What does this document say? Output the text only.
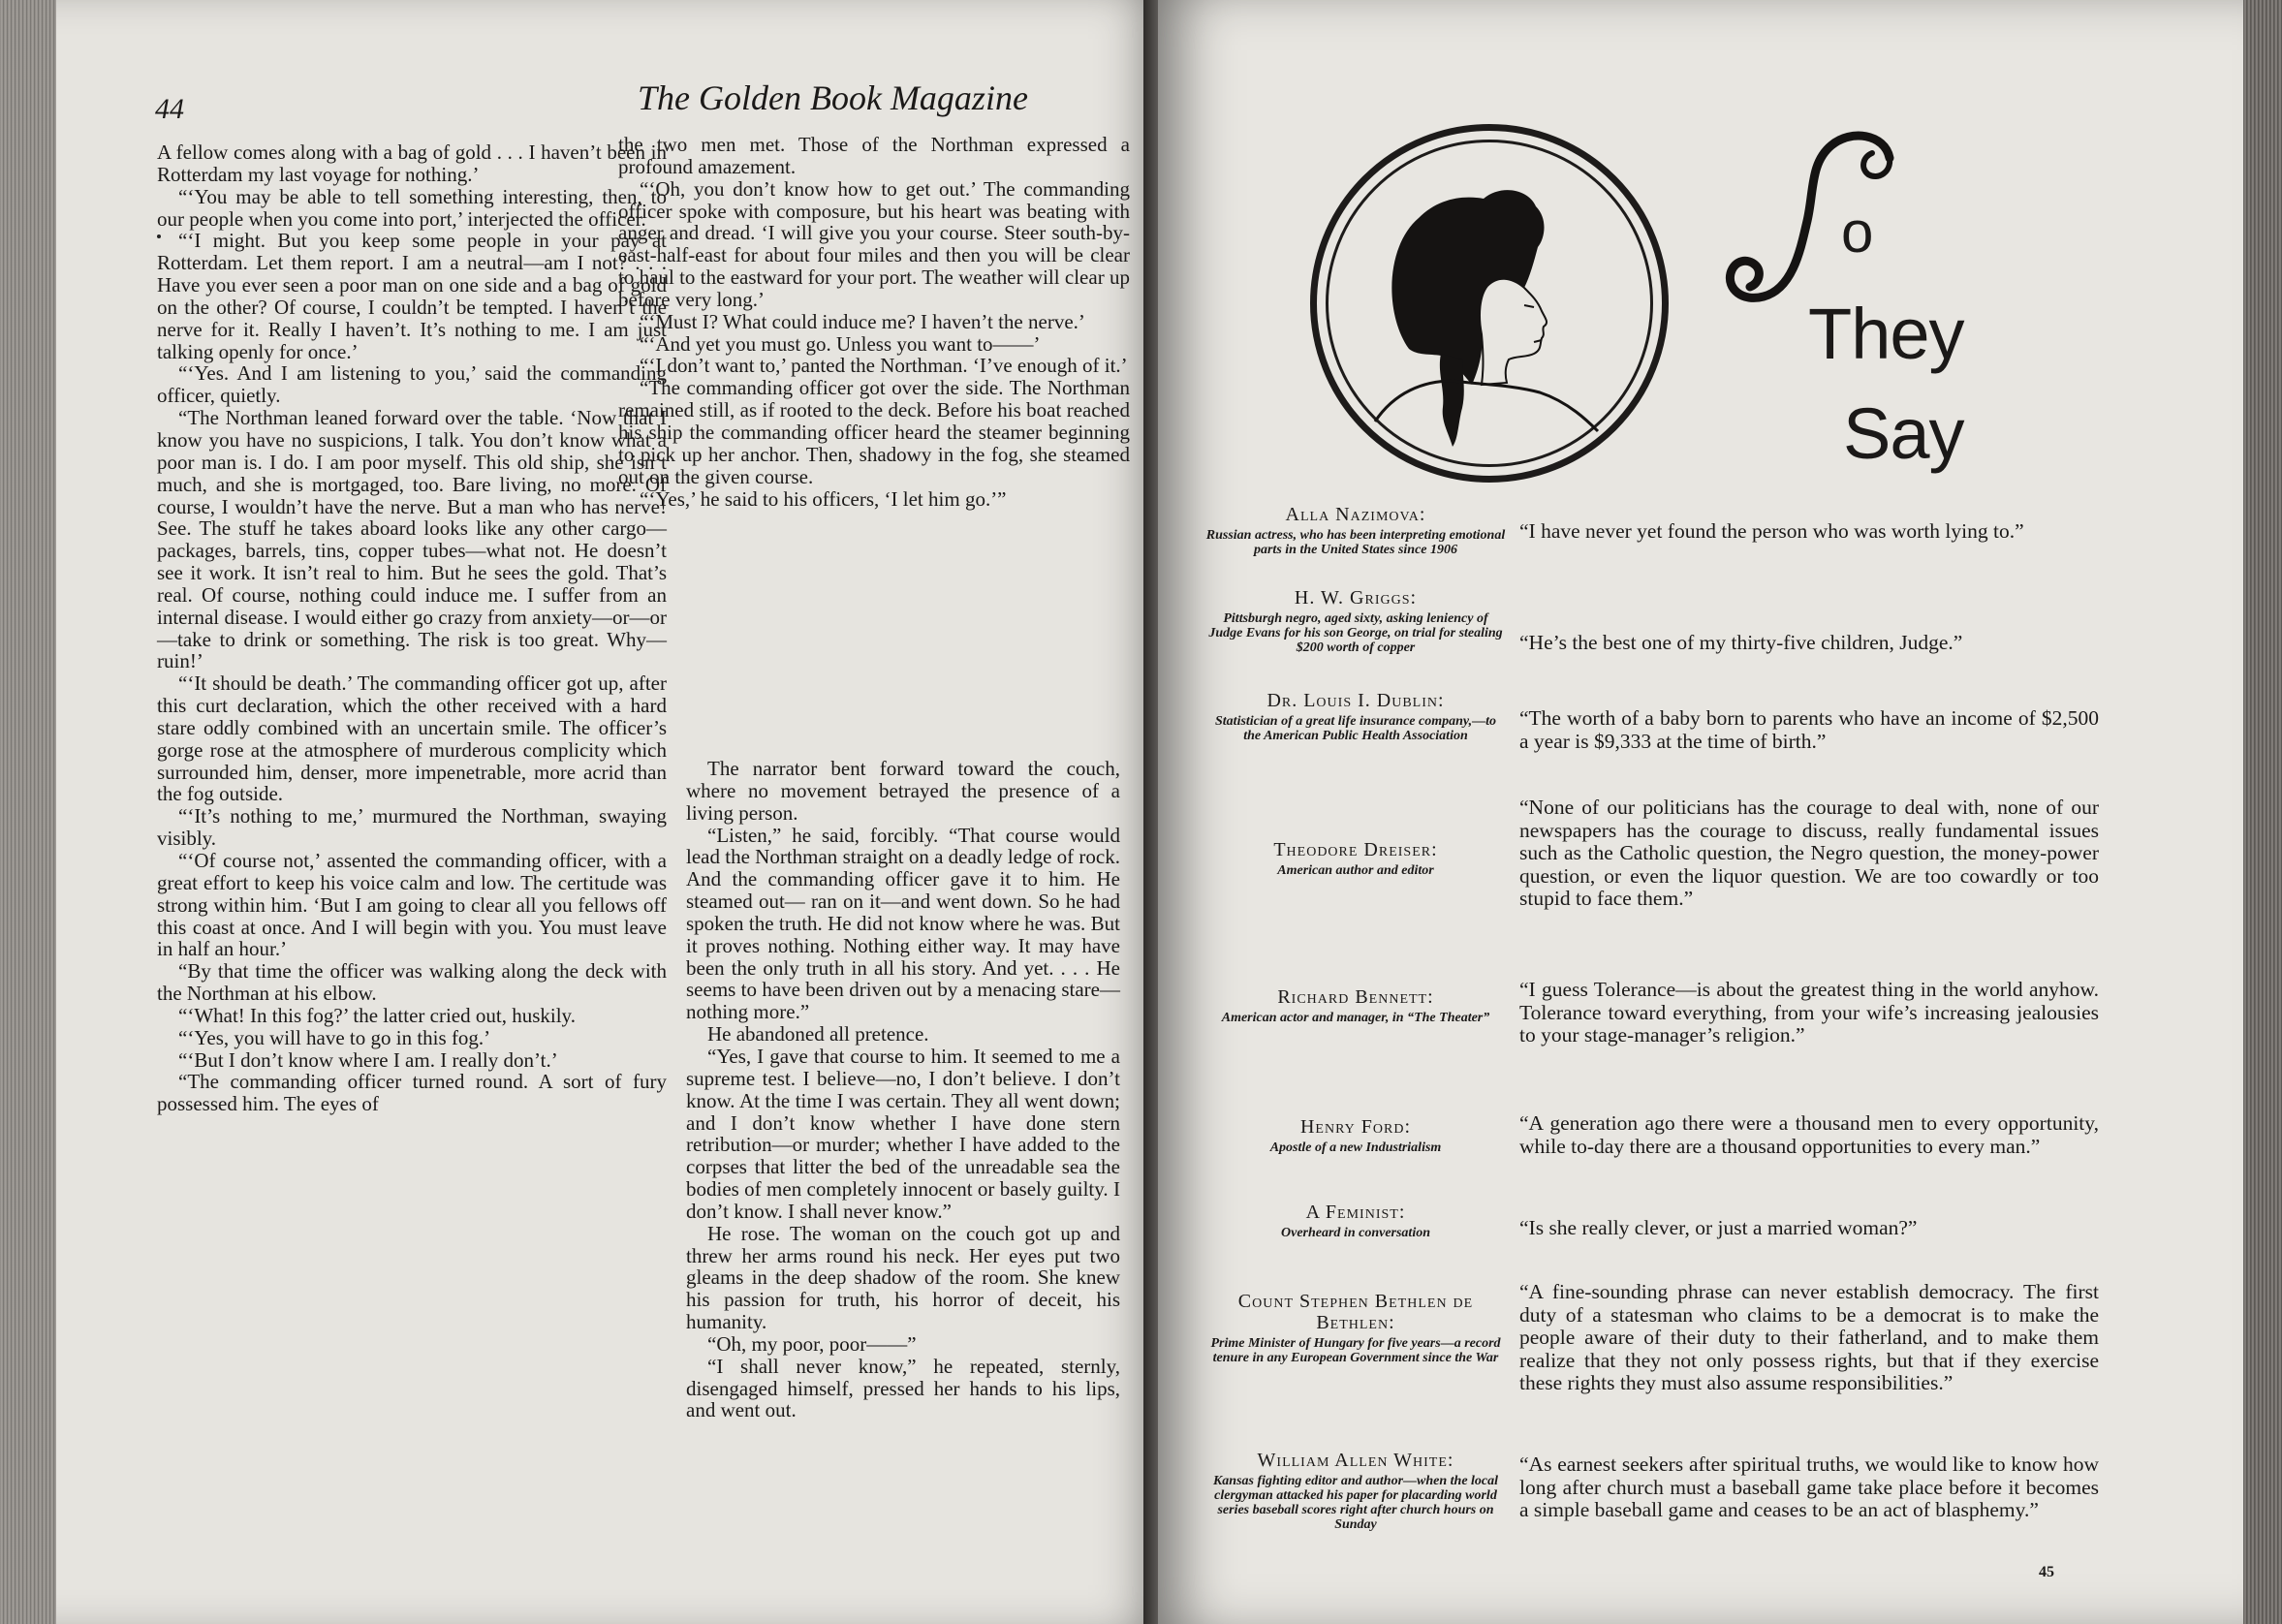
44	The Golden Book Magazine

A fellow comes along with a bag of gold . . . I haven’t been in Rotterdam my last voyage for nothing.’

“‘You may be able to tell something interesting, then, to our people when you come into port,’ interjected the officer.

“‘I might. But you keep some people in your pay at Rotterdam. Let them report. I am a neutral—am I not? . . . Have you ever seen a poor man on one side and a bag of gold on the other? Of course, I couldn’t be tempted. I haven’t the nerve for it. Really I haven’t. It’s nothing to me. I am just talking openly for once.’

“‘Yes. And I am listening to you,’ said the commanding officer, quietly.

“The Northman leaned forward over the table. ‘Now that I know you have no suspicions, I talk. You don’t know what a poor man is. I do. I am poor myself. This old ship, she isn’t much, and she is mortgaged, too. Bare living, no more. Of course, I wouldn’t have the nerve. But a man who has nerve! See. The stuff he takes aboard looks like any other cargo—packages, barrels, tins, copper tubes—what not. He doesn’t see it work. It isn’t real to him. But he sees the gold. That’s real. Of course, nothing could induce me. I suffer from an internal disease. I would either go crazy from anxiety—or—or—take to drink or something. The risk is too great. Why—ruin!’

“‘It should be death.’ The commanding officer got up, after this curt declaration, which the other received with a hard stare oddly combined with an uncertain smile. The officer’s gorge rose at the atmosphere of murderous complicity which surrounded him, denser, more impenetrable, more acrid than the fog outside.

“‘It’s nothing to me,’ murmured the Northman, swaying visibly.

“‘Of course not,’ assented the commanding officer, with a great effort to keep his voice calm and low. The certitude was strong within him. ‘But I am going to clear all you fellows off this coast at once. And I will begin with you. You must leave in half an hour.’

“By that time the officer was walking along the deck with the Northman at his elbow.

“‘What! In this fog?’ the latter cried out, huskily.

“‘Yes, you will have to go in this fog.’

“‘But I don’t know where I am. I really don’t.’

“The commanding officer turned round. A sort of fury possessed him. The eyes of

the two men met. Those of the Northman expressed a profound amazement.

“‘Oh, you don’t know how to get out.’ The commanding officer spoke with composure, but his heart was beating with anger and dread. ‘I will give you your course. Steer south-by-east-half-east for about four miles and then you will be clear to haul to the eastward for your port. The weather will clear up before very long.’

“‘Must I? What could induce me? I haven’t the nerve.’

“‘And yet you must go. Unless you want to——’

“‘I don’t want to,’ panted the Northman. ‘I’ve enough of it.’

“The commanding officer got over the side. The Northman remained still, as if rooted to the deck. Before his boat reached his ship the commanding officer heard the steamer beginning to pick up her anchor. Then, shadowy in the fog, she steamed out on the given course.

“‘Yes,’ he said to his officers, ‘I let him go.’”

The narrator bent forward toward the couch, where no movement betrayed the presence of a living person.

“Listen,” he said, forcibly. “That course would lead the Northman straight on a deadly ledge of rock. And the commanding officer gave it to him. He steamed out— ran on it—and went down. So he had spoken the truth. He did not know where he was. But it proves nothing. Nothing either way. It may have been the only truth in all his story. And yet. . . . He seems to have been driven out by a menacing stare—nothing more.”

He abandoned all pretence.

“Yes, I gave that course to him. It seemed to me a supreme test. I believe—no, I don’t believe. I don’t know. At the time I was certain. They all went down; and I don’t know whether I have done stern retribution—or murder; whether I have added to the corpses that litter the bed of the unreadable sea the bodies of men completely innocent or basely guilty. I don’t know. I shall never know.”

He rose. The woman on the couch got up and threw her arms round his neck. Her eyes put two gleams in the deep shadow of the room. She knew his passion for truth, his horror of deceit, his humanity.

“Oh, my poor, poor——”

“I shall never know,” he repeated, sternly, disengaged himself, pressed her hands to his lips, and went out.

o
They
Say
Alla Nazimova:
Russian actress, who has been interpreting emotional parts in the United States since 1906
“I have never yet found the person who was worth lying to.”
H. W. Griggs:
Pittsburgh negro, aged sixty, asking leniency of Judge Evans for his son George, on trial for stealing $200 worth of copper	“He’s the best one of my thirty-five children, Judge.”
Dr. Louis I. Dublin:
Statistician of a great life insurance company,—to the American Public Health Association
“The worth of a baby born to parents who have an income of $2,500 a year is $9,333 at the time of birth.”
Theodore Dreiser:
American author and editor
“None of our politicians has the courage to deal with, none of our newspapers has the courage to discuss, really fundamental issues such as the Catholic question, the Negro question, the money-power question, or even the liquor question. We are too cowardly or too stupid to face them.”
Richard Bennett:
American actor and manager, in “The Theater”
“I guess Tolerance—is about the greatest thing in the world anyhow. Tolerance toward everything, from your wife’s increasing jealousies to your stage-manager’s religion.”
Henry Ford:
Apostle of a new Industrialism
“A generation ago there were a thousand men to every opportunity, while to-day there are a thousand opportunities to every man.”
A Feminist:
Overheard in conversation	“Is she really clever, or just a married woman?”
Count Stephen Bethlen de Bethlen:
Prime Minister of Hungary for five years—a record tenure in any European Government since the War
“A fine-sounding phrase can never establish democracy. The first duty of a statesman who claims to be a democrat is to make the people aware of their duty to their fatherland, and to make them realize that they not only possess rights, but that if they exercise these rights they must also assume responsibilities.”
William Allen White:
Kansas fighting editor and author—when the local clergyman attacked his paper for placarding world series baseball scores right after church hours on Sunday
“As earnest seekers after spiritual truths, we would like to know how long after church must a baseball game take place before it becomes a simple baseball game and ceases to be an act of blasphemy.”
45
